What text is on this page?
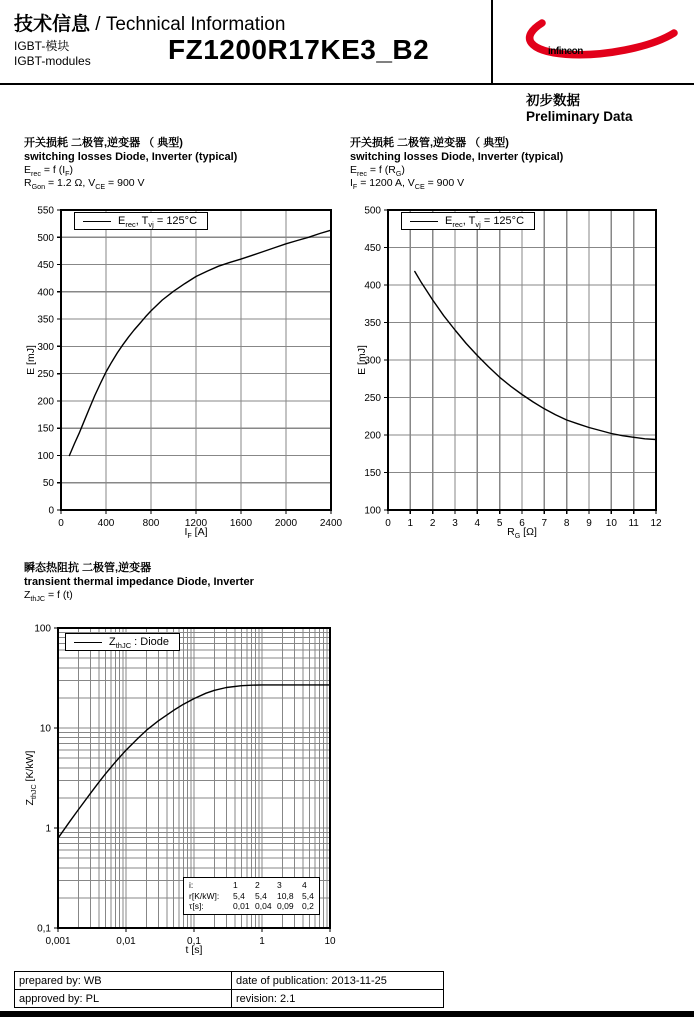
技术信息 / Technical Information
IGBT-模块
IGBT-modules	FZ1200R17KE3_B2	infineon
初步数据
Preliminary Data
开关损耗 二极管,逆变器 （ 典型)
switching losses Diode, Inverter (typical)
$E_{rec} = f$ $(I_F)$
$R_{Gon} = 1.2$ Ω, $V_{CE} = 900$ V
0	400	800	1200 1600 2000 2400
0
50
100
150
200
250
300
350
400
450
500
550
$E_{rec}$, $T_{vj} = 125^\circ C$
$I_F$ [A]
E [mJ]
开关损耗 二极管,逆变器 （ 典型)
switching losses Diode, Inverter (typical)
$E_{rec} = f$ $(R_G)$
$I_F = 1200$ A, $V_{CE} = 900$ V
0 1 2 3 4 5 6 7 8 9 10 11 12
100
150
200
250
300
350
400
450
500
$E_{rec}$, $T_{vj} = 125^\circ C$
$R_G$ [Ω]
E [mJ]
瞬态热阻抗 二极管,逆变器
transient thermal impedance Diode, Inverter
$Z_{thJC} = f$ (t)
0,001	0,01	0,1	1	10
0,1
1
10
100
$Z_{thJC}$ : Diode
i:	1	2	3	4
r[K/kW]:	5,4	5,4	10,8	5,4
τ[s]:	0,01	0,04	0,09	0,2
t [s]
$Z_{thJC}$ [K/kW]
prepared by: WB	date of publication: 2013-11-25
approved by: PL	revision: 2.1
